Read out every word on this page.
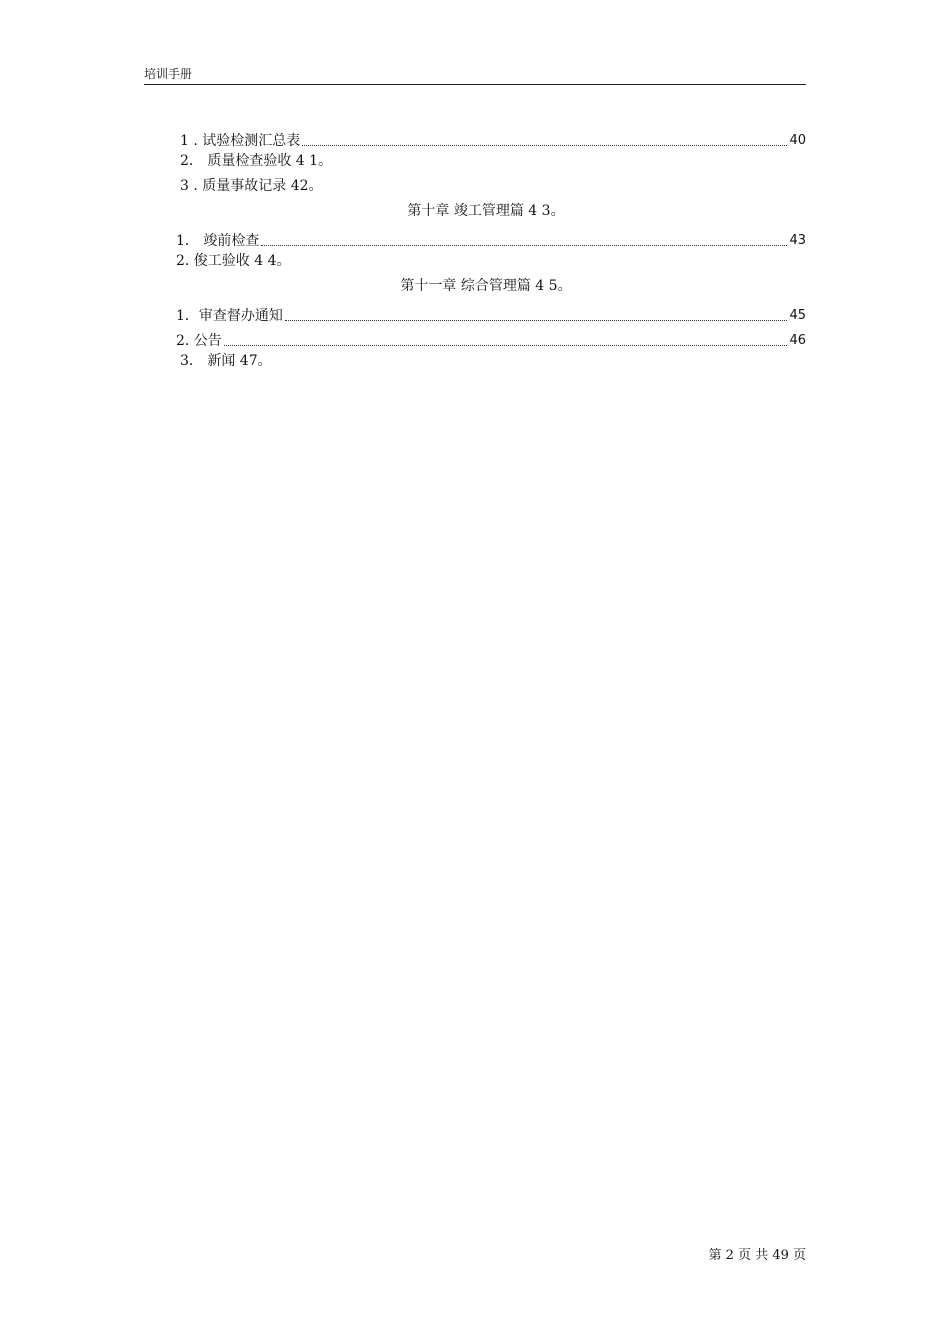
培训手册
1 . 试验检测汇总表	40
2． 质量检查验收 4 1。
3 . 质量事故记录 42。
第十章 竣工管理篇 4 3。
1． 竣前检查	43
2. 俊工验收 4 4。
第十一章 综合管理篇 4 5。
1．审查督办通知	45
2. 公告	46
3． 新闻 47。
第 2 页 共 49 页
